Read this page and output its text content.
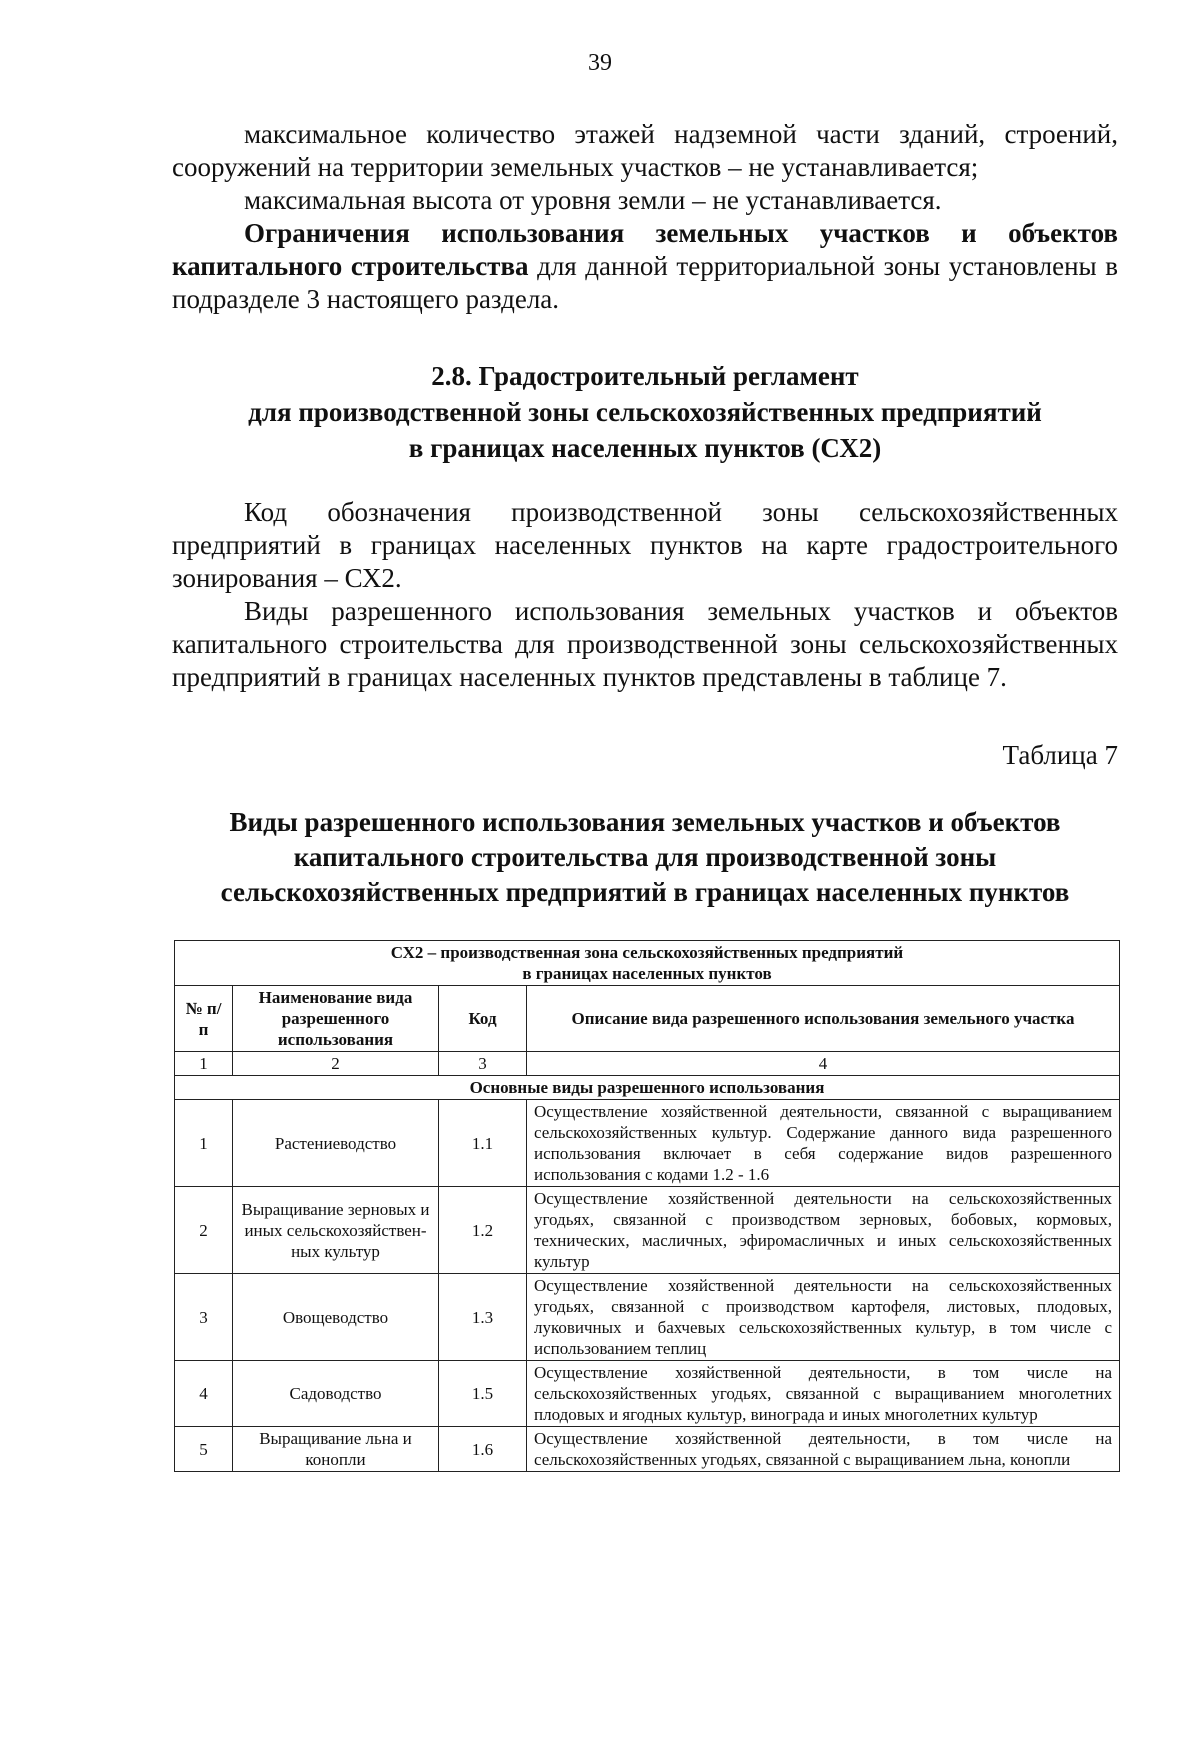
39

максимальное количество этажей надземной части зданий, строений, сооружений на территории земельных участков – не устанавливается;

максимальная высота от уровня земли – не устанавливается.

Ограничения использования земельных участков и объектов капитального строительства для данной территориальной зоны установлены в подразделе 3 настоящего раздела.

2.8. Градостроительный регламент
для производственной зоны сельскохозяйственных предприятий
в границах населенных пунктов (СХ2)

Код обозначения производственной зоны сельскохозяйственных предприятий в границах населенных пунктов на карте градостроительного зонирования – СХ2.

Виды разрешенного использования земельных участков и объектов капитального строительства для производственной зоны сельскохозяйственных предприятий в границах населенных пунктов представлены в таблице 7.

Таблица 7
Виды разрешенного использования земельных участков и объектов
капитального строительства для производственной зоны
сельскохозяйственных предприятий в границах населенных пунктов
СХ2 – производственная зона сельскохозяйственных предприятий
в границах населенных пунктов			

№ п/п	Наименование вида разрешенного использования	Код	Описание вида разрешенного использования земельного участка
1	2	3	4
Основные виды разрешенного использования			
1	Растениеводство	1.1	Осуществление хозяйственной деятельности, связанной с выращиванием сельскохозяйственных культур. Содержание данного вида разрешенного использования включает в себя содержание видов разрешенного использования с кодами 1.2 - 1.6
2	Выращивание зерновых и иных сельскохозяйствен-ных культур	1.2	Осуществление хозяйственной деятельности на сельскохозяйственных угодьях, связанной с производством зерновых, бобовых, кормовых, технических, масличных, эфиромасличных и иных сельскохозяйственных культур
3	Овощеводство	1.3	Осуществление хозяйственной деятельности на сельскохозяйственных угодьях, связанной с производством картофеля, листовых, плодовых, луковичных и бахчевых сельскохозяйственных культур, в том числе с использованием теплиц
4	Садоводство	1.5	Осуществление хозяйственной деятельности, в том числе на сельскохозяйственных угодьях, связанной с выращиванием многолетних плодовых и ягодных культур, винограда и иных многолетних культур
5	Выращивание льна и конопли	1.6	Осуществление хозяйственной деятельности, в том числе на сельскохозяйственных угодьях, связанной с выращиванием льна, конопли
